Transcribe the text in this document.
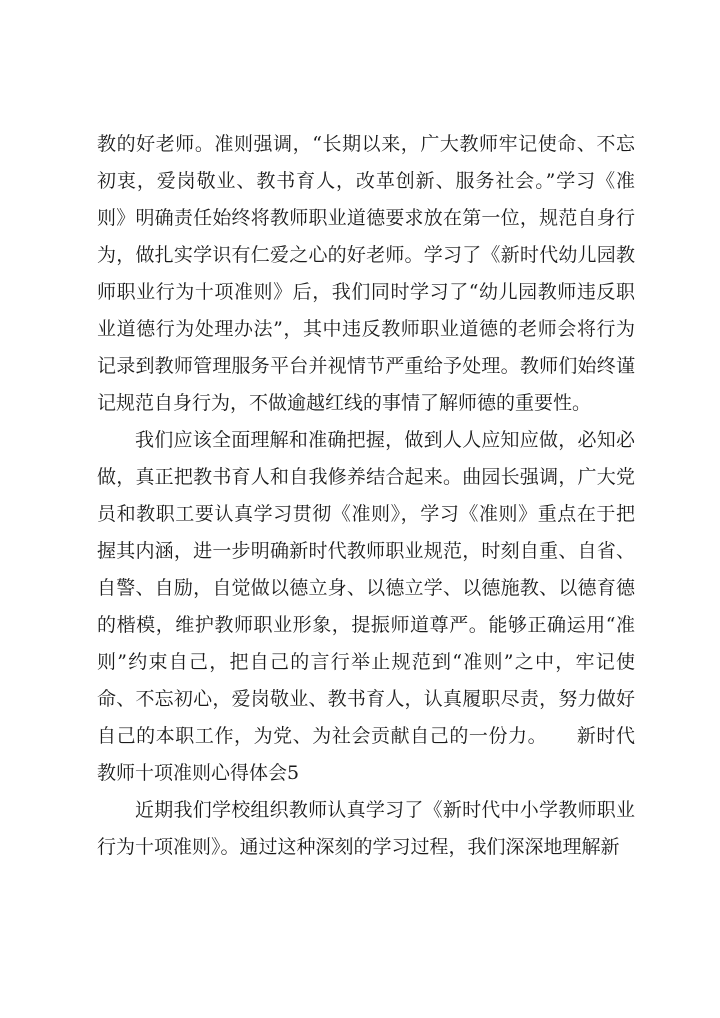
教的好老师。准则强调，“长期以来，广大教师牢记使命、不忘初衷，爱岗敬业、教书育人，改革创新、服务社会。”学习《准则》明确责任始终将教师职业道德要求放在第一位，规范自身行为，做扎实学识有仁爱之心的好老师。学习了《新时代幼儿园教师职业行为十项准则》后，我们同时学习了“幼儿园教师违反职业道德行为处理办法”，其中违反教师职业道德的老师会将行为记录到教师管理服务平台并视情节严重给予处理。教师们始终谨记规范自身行为，不做逾越红线的事情了解师德的重要性。

我们应该全面理解和准确把握，做到人人应知应做，必知必做，真正把教书育人和自我修养结合起来。曲园长强调，广大党员和教职工要认真学习贯彻《准则》，学习《准则》重点在于把握其内涵，进一步明确新时代教师职业规范，时刻自重、自省、自警、自励，自觉做以德立身、以德立学、以德施教、以德育德的楷模，维护教师职业形象，提振师道尊严。能够正确运用“准则”约束自己，把自己的言行举止规范到“准则”之中，牢记使命、不忘初心，爱岗敬业、教书育人，认真履职尽责，努力做好自己的本职工作，为党、为社会贡献自己的一份力。　　新时代教师十项准则心得体会5

近期我们学校组织教师认真学习了《新时代中小学教师职业行为十项准则》。通过这种深刻的学习过程，我们深深地理解新
